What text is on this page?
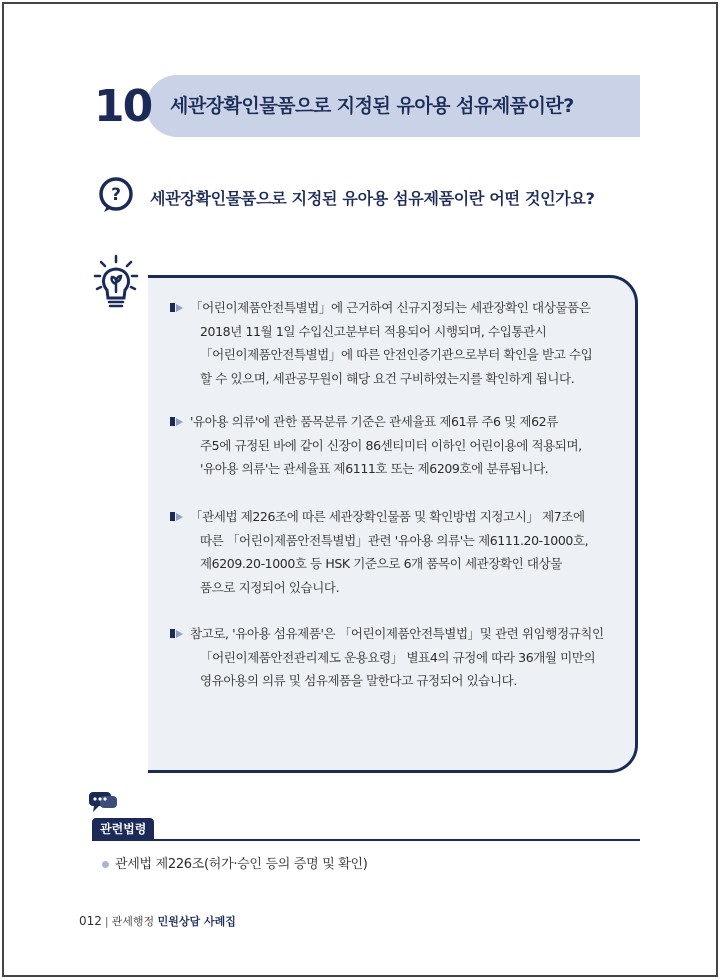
10 세관장확인물품으로 지정된 유아용 섬유제품이란?
? 세관장확인물품으로 지정된 유아용 섬유제품이란 어떤 것인가요?
「어린이제품안전특별법」에 근거하여 신규지정되는 세관장확인 대상물품은
2018년 11월 1일 수입신고분부터 적용되어 시행되며, 수입통관시
「어린이제품안전특별법」에 따른 안전인증기관으로부터 확인을 받고 수입
할 수 있으며, 세관공무원이 해당 요건 구비하였는지를 확인하게 됩니다.
'유아용 의류'에 관한 품목분류 기준은 관세율표 제61류 주6 및 제62류
주5에 규정된 바에 같이 신장이 86센티미터 이하인 어린이용에 적용되며,
'유아용 의류'는 관세율표 제6111호 또는 제6209호에 분류됩니다.
「관세법 제226조에 따른 세관장확인물품 및 확인방법 지정고시」 제7조에
따른 「어린이제품안전특별법」관련 '유아용 의류'는 제6111.20-1000호,
제6209.20-1000호 등 HSK 기준으로 6개 품목이 세관장확인 대상물
품으로 지정되어 있습니다.
참고로, '유아용 섬유제품'은 「어린이제품안전특별법」및 관련 위임행정규칙인
「어린이제품안전관리제도 운용요령」 별표4의 규정에 따라 36개월 미만의
영유아용의 의류 및 섬유제품을 말한다고 규정되어 있습니다.
관련법령
관세법 제226조(허가·승인 등의 증명 및 확인)
012 | 관세행정 민원상담 사례집
